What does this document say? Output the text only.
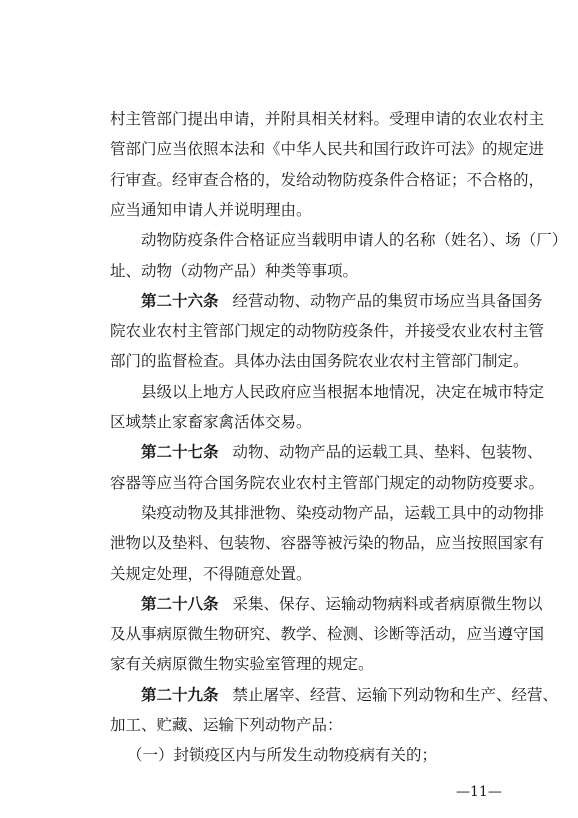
村主管部门提出申请，并附具相关材料。受理申请的农业农村主
管部门应当依照本法和《中华人民共和国行政许可法》的规定进
行审查。经审查合格的，发给动物防疫条件合格证；不合格的，
应当通知申请人并说明理由。
动物防疫条件合格证应当载明申请人的名称（姓名）、场（厂）
址、动物（动物产品）种类等事项。
第二十六条 经营动物、动物产品的集贸市场应当具备国务
院农业农村主管部门规定的动物防疫条件，并接受农业农村主管
部门的监督检查。具体办法由国务院农业农村主管部门制定。
县级以上地方人民政府应当根据本地情况，决定在城市特定
区域禁止家畜家禽活体交易。
第二十七条 动物、动物产品的运载工具、垫料、包装物、
容器等应当符合国务院农业农村主管部门规定的动物防疫要求。
染疫动物及其排泄物、染疫动物产品，运载工具中的动物排
泄物以及垫料、包装物、容器等被污染的物品，应当按照国家有
关规定处理，不得随意处置。
第二十八条 采集、保存、运输动物病料或者病原微生物以
及从事病原微生物研究、教学、检测、诊断等活动，应当遵守国
家有关病原微生物实验室管理的规定。
第二十九条 禁止屠宰、经营、运输下列动物和生产、经营、
加工、贮藏、运输下列动物产品：
（一）封锁疫区内与所发生动物疫病有关的；
—11—
